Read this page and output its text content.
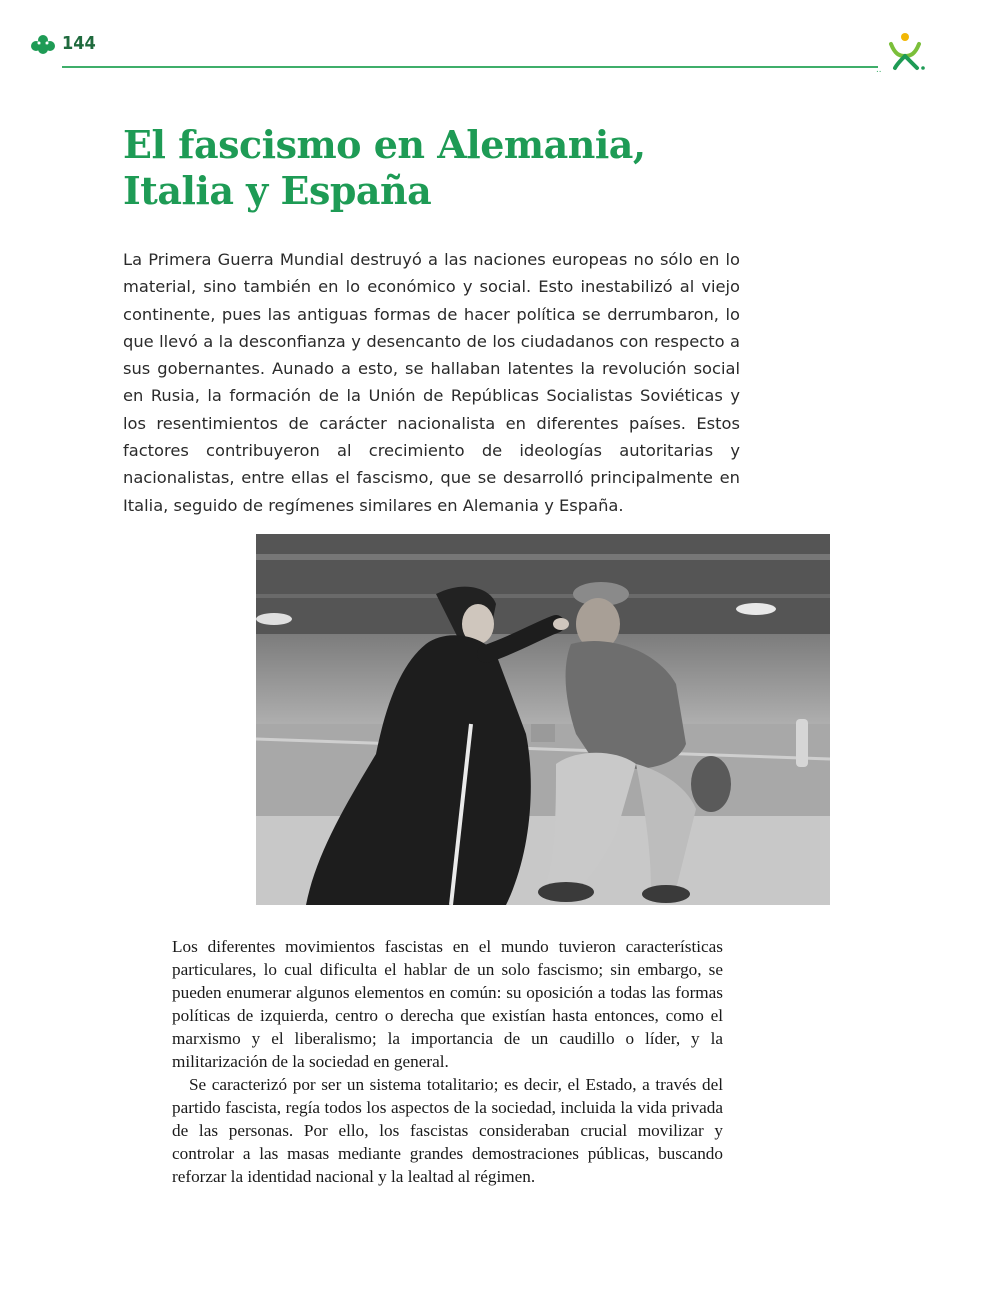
144
..
El fascismo en Alemania,
Italia y España

La Primera Guerra Mundial destruyó a las naciones europeas no sólo en lo material, sino también en lo económico y social. Esto inestabilizó al viejo continente, pues las antiguas formas de hacer política se derrumbaron, lo que llevó a la desconfianza y desencanto de los ciudadanos con respecto a sus gobernantes. Aunado a esto, se hallaban latentes la revolución social en Rusia, la formación de la Unión de Repúblicas Socialistas Soviéticas y los resentimientos de carácter nacionalista en diferentes países. Estos factores contribuyeron al crecimiento de ideologías autoritarias y nacionalistas, entre ellas el fascismo, que se desarrolló principalmente en Italia, seguido de regímenes similares en Alemania y España.

Los diferentes movimientos fascistas en el mundo tuvieron características particulares, lo cual dificulta el hablar de un solo fascismo; sin embargo, se pueden enumerar algunos elementos en común: su oposición a todas las formas políticas de izquierda, centro o derecha que existían hasta entonces, como el marxismo y el liberalismo; la importancia de un caudillo o líder, y la militarización de la sociedad en general.

Se caracterizó por ser un sistema totalitario; es decir, el Estado, a través del partido fascista, regía todos los aspectos de la sociedad, incluida la vida privada de las personas. Por ello, los fascistas consideraban crucial movilizar y controlar a las masas mediante grandes demostraciones públicas, buscando reforzar la identidad nacional y la lealtad al régimen.
